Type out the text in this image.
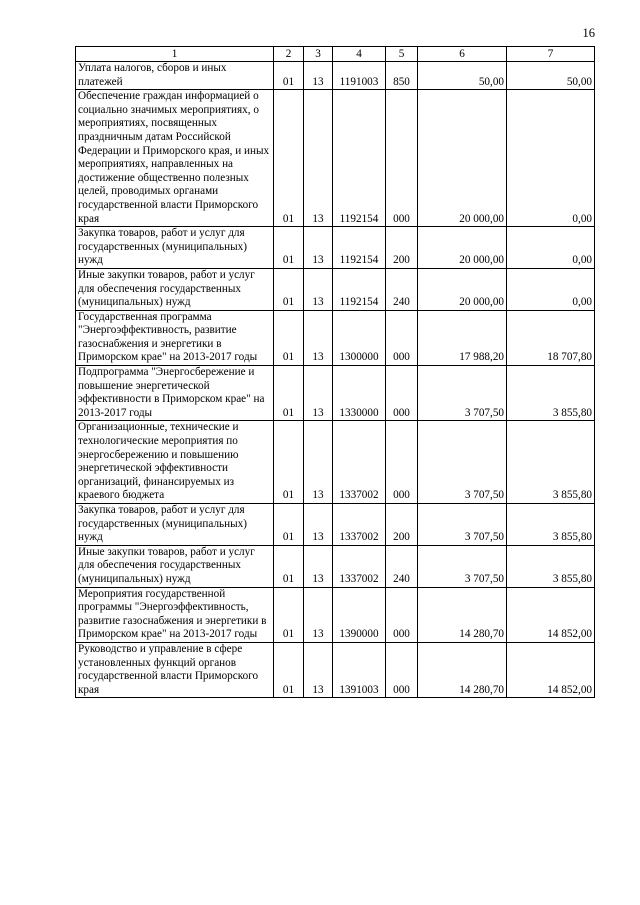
16
1	2	3	4	5	6	7
Уплата налогов, сборов и иных платежей	01	13	1191003	850	50,00	50,00
Обеспечение граждан информацией о социально значимых мероприятиях, о мероприятиях, посвященных праздничным датам Российской Федерации и Приморского края, и иных мероприятиях, направленных на достижение общественно полезных целей, проводимых органами государственной власти Приморского края	01	13	1192154	000	20 000,00	0,00
Закупка товаров, работ и услуг для государственных (муниципальных) нужд	01	13	1192154	200	20 000,00	0,00
Иные закупки товаров, работ и услуг для обеспечения государственных (муниципальных) нужд	01	13	1192154	240	20 000,00	0,00
Государственная программа "Энергоэффективность, развитие газоснабжения и энергетики в Приморском крае" на 2013-2017 годы	01	13	1300000	000	17 988,20	18 707,80
Подпрограмма "Энергосбережение и повышение энергетической эффективности в Приморском крае" на 2013-2017 годы	01	13	1330000	000	3 707,50	3 855,80
Организационные, технические и технологические мероприятия по энергосбережению и повышению энергетической эффективности организаций, финансируемых из краевого бюджета	01	13	1337002	000	3 707,50	3 855,80
Закупка товаров, работ и услуг для государственных (муниципальных) нужд	01	13	1337002	200	3 707,50	3 855,80
Иные закупки товаров, работ и услуг для обеспечения государственных (муниципальных) нужд	01	13	1337002	240	3 707,50	3 855,80
Мероприятия государственной программы "Энергоэффективность, развитие газоснабжения и энергетики в Приморском крае" на 2013-2017 годы	01	13	1390000	000	14 280,70	14 852,00
Руководство и управление в сфере установленных функций органов государственной власти Приморского края	01	13	1391003	000	14 280,70	14 852,00
